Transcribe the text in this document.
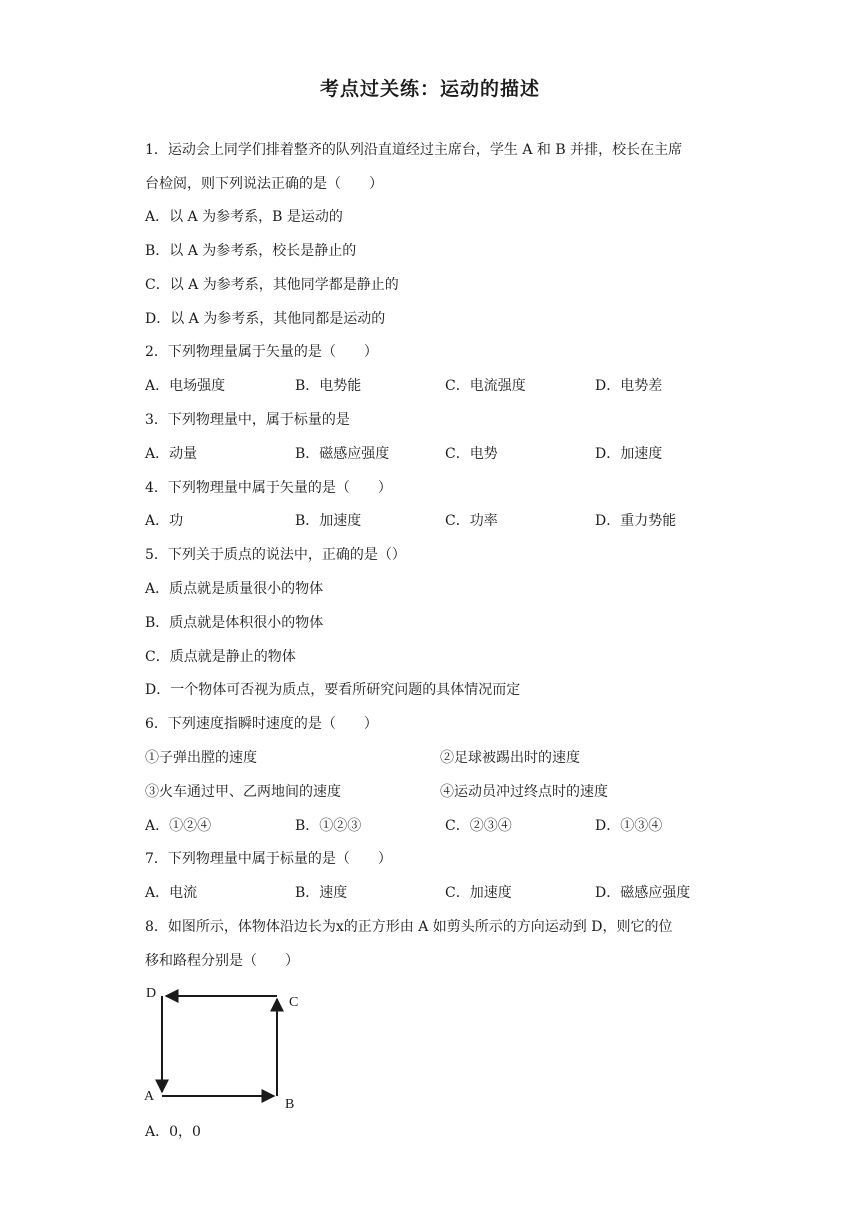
考点过关练：运动的描述
1．运动会上同学们排着整齐的队列沿直道经过主席台，学生 A 和 B 并排，校长在主席
台检阅，则下列说法正确的是（　　）
A．以 A 为参考系，B 是运动的
B．以 A 为参考系，校长是静止的
C．以 A 为参考系，其他同学都是静止的
D．以 A 为参考系，其他同都是运动的
2．下列物理量属于矢量的是（　　）
A．电场强度	B．电势能	C．电流强度	D．电势差
3．下列物理量中，属于标量的是
A．动量	B．磁感应强度	C．电势	D．加速度
4．下列物理量中属于矢量的是（　　）
A．功	B．加速度	C．功率	D．重力势能
5．下列关于质点的说法中，正确的是（）
A．质点就是质量很小的物体
B．质点就是体积很小的物体
C．质点就是静止的物体
D．一个物体可否视为质点，要看所研究问题的具体情况而定
6．下列速度指瞬时速度的是（　　）
①子弹出膛的速度	②足球被踢出时的速度
③火车通过甲、乙两地间的速度	④运动员冲过终点时的速度
A．①②④	B．①②③	C．②③④	D．①③④
7．下列物理量中属于标量的是（　　）
A．电流	B．速度	C．加速度	D．磁感应强度
8．如图所示，体物体沿边长为x的正方形由 A 如剪头所示的方向运动到 D，则它的位
移和路程分别是（　　）
D
C
A
B
A．0，0
